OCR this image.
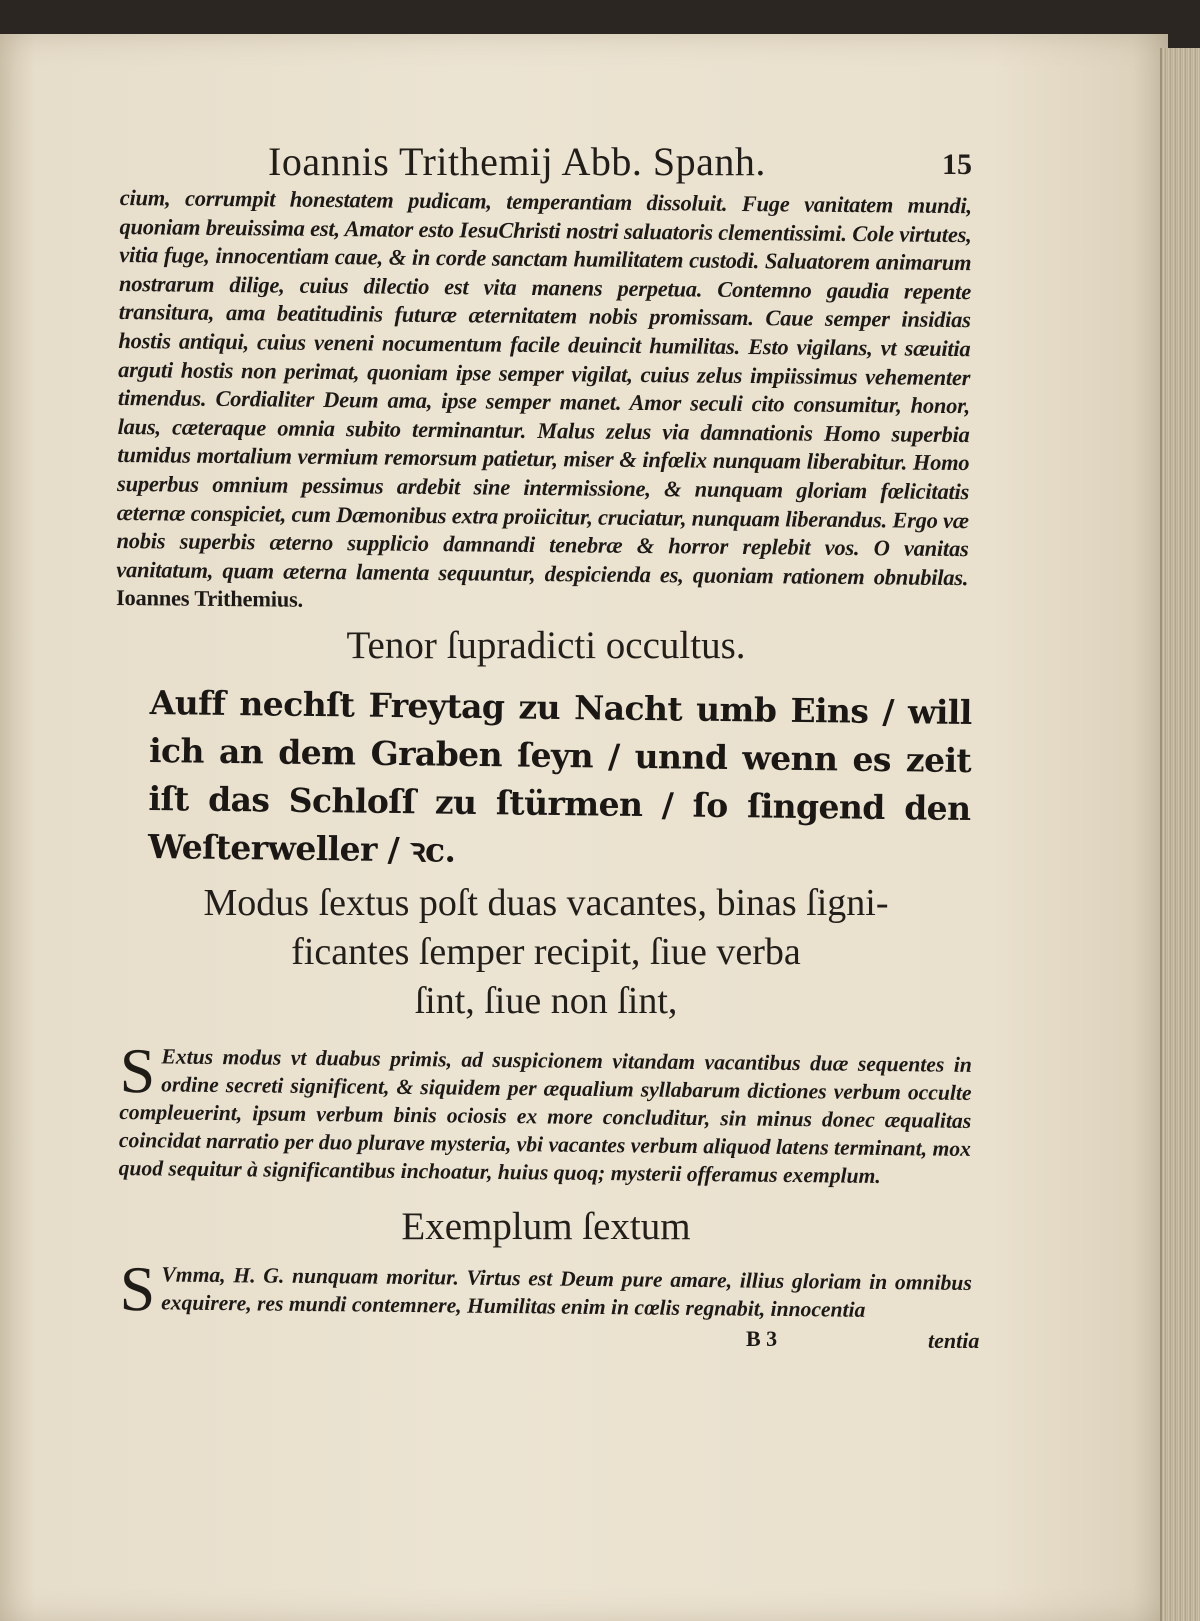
Ioannis Trithemij Abb. Spanh.	15

cium, corrumpit honestatem pudicam, temperantiam dissoluit. Fuge vanitatem mundi, quoniam breuissima est, Amator esto IesuChristi nostri saluatoris clementissimi. Cole virtutes, vitia fuge, innocentiam caue, & in corde sanctam humilitatem custodi. Saluatorem animarum nostrarum dilige, cuius dilectio est vita manens perpetua. Contemno gaudia repente transitura, ama beatitudinis futuræ æternitatem nobis promissam. Caue semper insidias hostis antiqui, cuius veneni nocumentum facile deuincit humilitas. Esto vigilans, vt sæuitia arguti hostis non perimat, quoniam ipse semper vigilat, cuius zelus impiissimus vehementer timendus. Cordialiter Deum ama, ipse semper manet. Amor seculi cito consumitur, honor, laus, cæteraque omnia subito terminantur. Malus zelus via damnationis Homo superbia tumidus mortalium vermium remorsum patietur, miser & infœlix nunquam liberabitur. Homo superbus omnium pessimus ardebit sine intermissione, & nunquam gloriam fœlicitatis æternæ conspiciet, cum Dæmonibus extra proiicitur, cruciatur, nunquam liberandus. Ergo væ nobis superbis æterno supplicio damnandi tenebræ & horror replebit vos. O vanitas vanitatum, quam æterna lamenta sequuntur, despicienda es, quoniam rationem obnubilas. Ioannes Trithemius.

Tenor ſupradicti occultus.
Auff nechſt Freytag zu Nacht umb Eins / will ich an dem Graben ſeyn / unnd wenn es zeit iſt das Schloſſ zu ſtürmen / ſo ſingend den Weſterweller / ꝛc.
Modus ſextus poſt duas vacantes, binas ſigni-
ficantes ſemper recipit, ſiue verba
ſint, ſiue non ſint,
S Extus modus vt duabus primis, ad suspicionem vitandam vacantibus duæ sequentes in ordine secreti significent, & siquidem per æqualium syllabarum dictiones verbum occulte compleuerint, ipsum verbum binis ociosis ex more concluditur, sin minus donec æqualitas coincidat narratio per duo plurave mysteria, vbi vacantes verbum aliquod latens terminant, mox quod sequitur à significantibus inchoatur, huius quoq; mysterii offeramus exemplum.
Exemplum ſextum
S Vmma, H. G. nunquam moritur. Virtus est Deum pure amare, illius gloriam in omnibus exquirere, res mundi contemnere, Humilitas enim in cœlis regnabit, innocentia
B 3	tentia
